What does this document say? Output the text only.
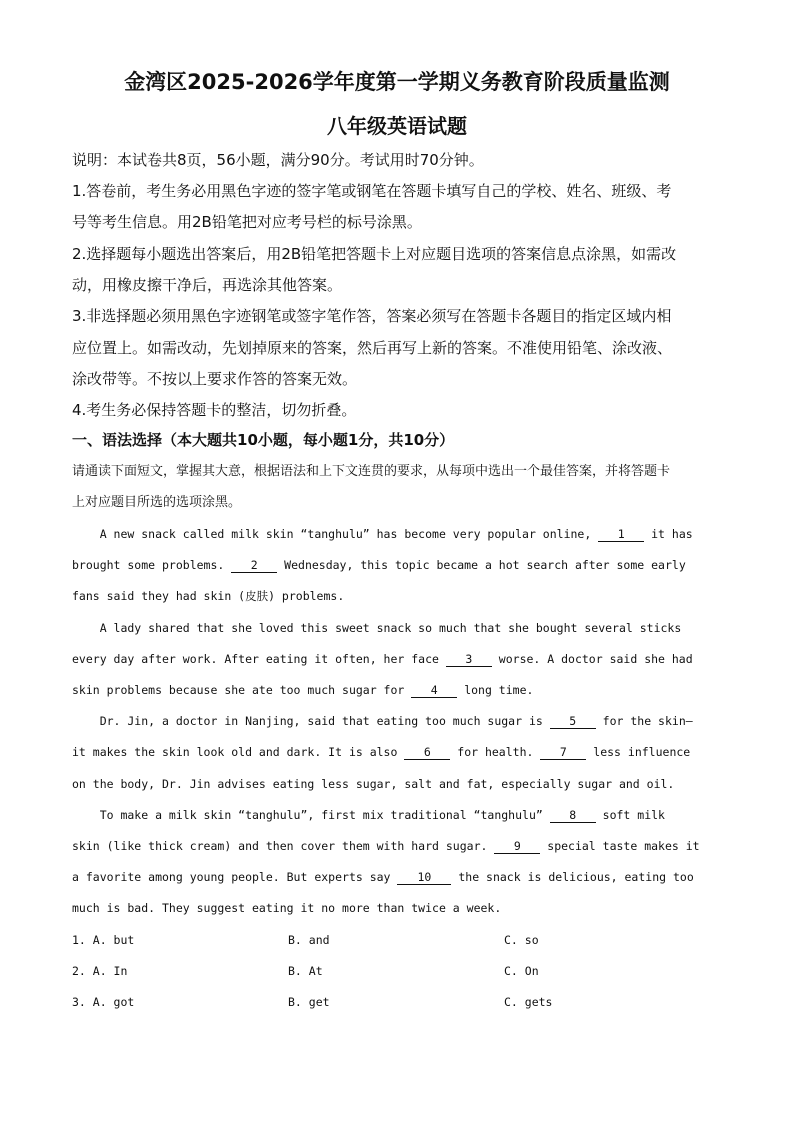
金湾区2025-2026学年度第一学期义务教育阶段质量监测
八年级英语试题
说明：本试卷共8页，56小题，满分90分。考试用时70分钟。
1.答卷前，考生务必用黑色字迹的签字笔或钢笔在答题卡填写自己的学校、姓名、班级、考
号等考生信息。用2B铅笔把对应考号栏的标号涂黑。
2.选择题每小题选出答案后，用2B铅笔把答题卡上对应题目选项的答案信息点涂黑，如需改
动，用橡皮擦干净后，再选涂其他答案。
3.非选择题必须用黑色字迹钢笔或签字笔作答，答案必须写在答题卡各题目的指定区域内相
应位置上。如需改动，先划掉原来的答案，然后再写上新的答案。不准使用铅笔、涂改液、
涂改带等。不按以上要求作答的答案无效。
4.考生务必保持答题卡的整洁，切勿折叠。
一、语法选择（本大题共10小题，每小题1分，共10分）
请通读下面短文，掌握其大意，根据语法和上下文连贯的要求，从每项中选出一个最佳答案，并将答题卡
上对应题目所选的选项涂黑。
A new snack called milk skin “tanghulu” has become very popular online, 1 it has
brought some problems. 2 Wednesday, this topic became a hot search after some early
fans said they had skin (皮肤) problems.
A lady shared that she loved this sweet snack so much that she bought several sticks
every day after work. After eating it often, her face 3 worse. A doctor said she had
skin problems because she ate too much sugar for 4 long time.
Dr. Jin, a doctor in Nanjing, said that eating too much sugar is 5 for the skin—
it makes the skin look old and dark. It is also 6 for health. 7 less influence
on the body, Dr. Jin advises eating less sugar, salt and fat, especially sugar and oil.
To make a milk skin “tanghulu”, first mix traditional “tanghulu” 8 soft milk
skin (like thick cream) and then cover them with hard sugar. 9 special taste makes it
a favorite among young people. But experts say 10 the snack is delicious, eating too
much is bad. They suggest eating it no more than twice a week.
1. A. but	B. and	C. so
2. A. In	B. At	C. On
3. A. got	B. get	C. gets
